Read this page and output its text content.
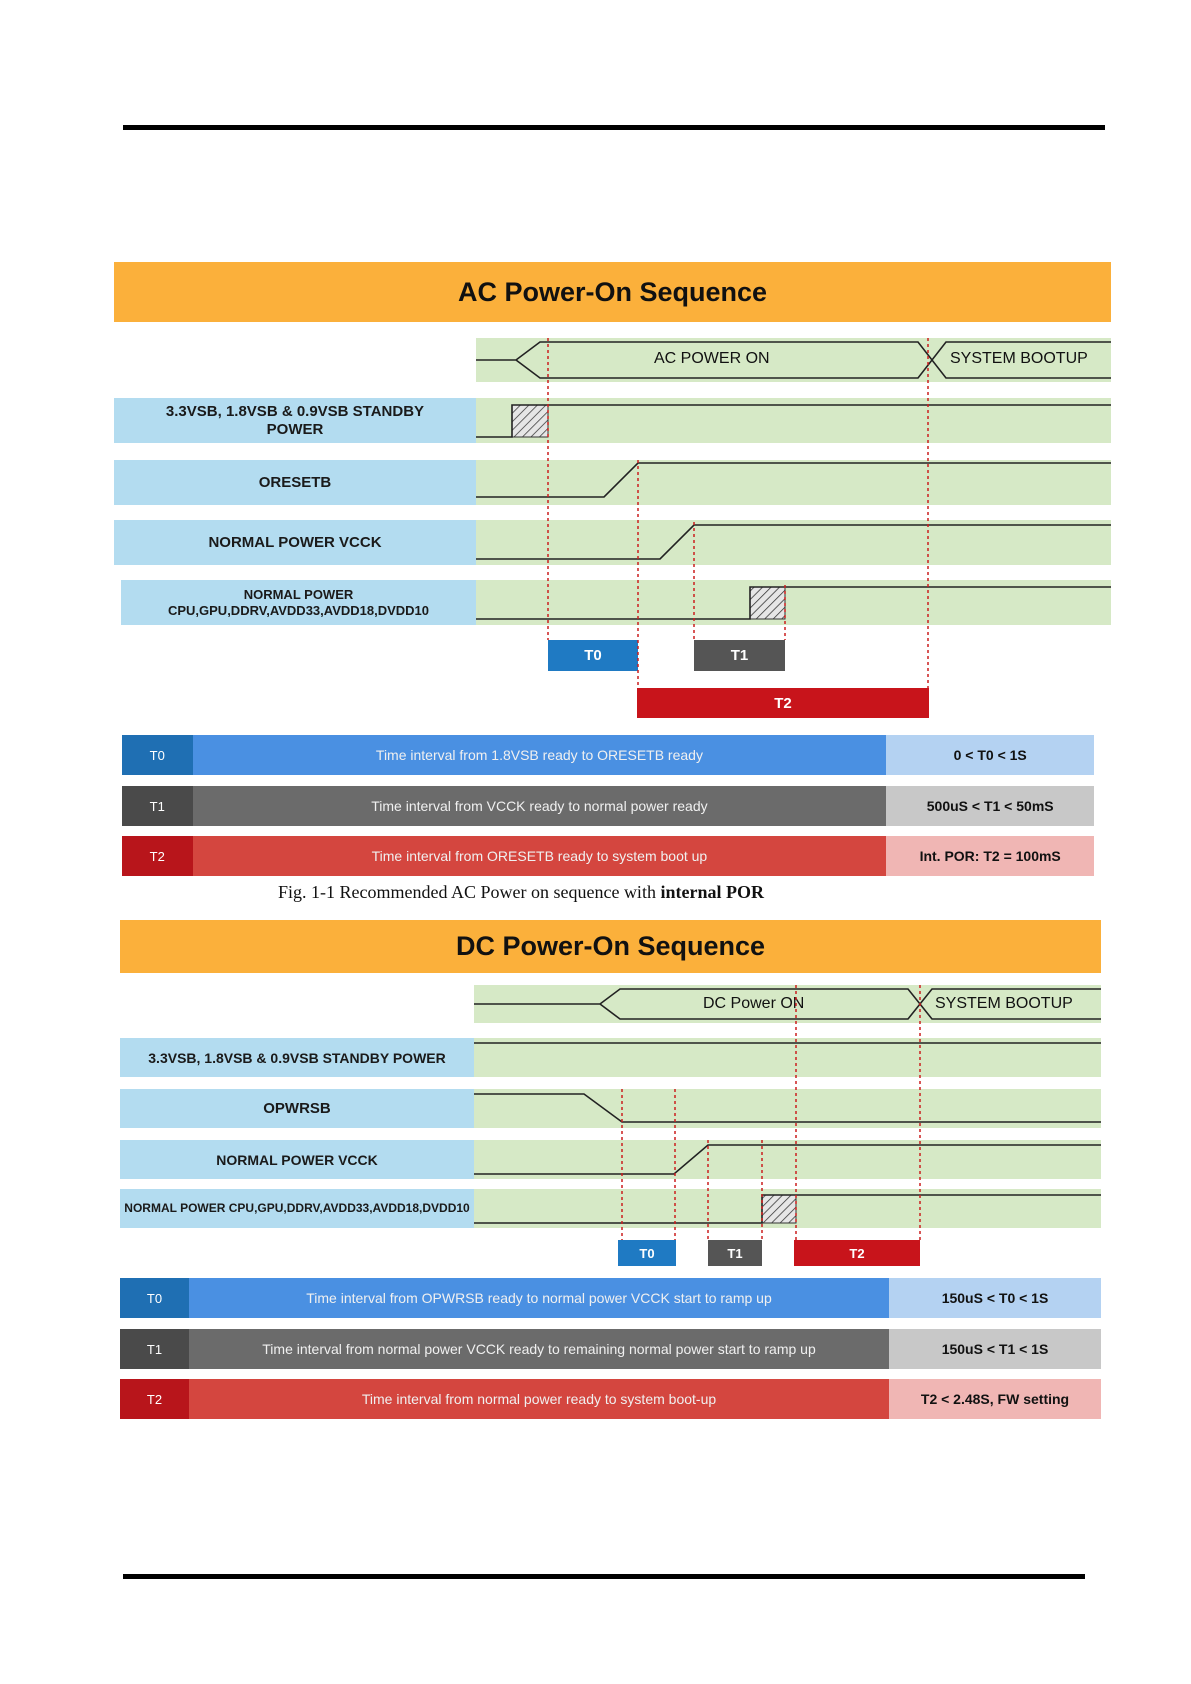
AC Power-On Sequence
AC POWER ON	SYSTEM BOOTUP
3.3VSB, 1.8VSB & 0.9VSB STANDBY POWER
ORESETB
NORMAL POWER VCCK
NORMAL POWER CPU,GPU,DDRV,AVDD33,AVDD18,DVDD10
T0	T1
T2
T0	Time interval from 1.8VSB ready to ORESETB ready	0 < T0 < 1S
T1	Time interval from VCCK ready to normal power ready	500uS < T1 < 50mS
T2	Time interval from ORESETB ready to system boot up	Int. POR: T2 = 100mS
Fig. 1-1 Recommended AC Power on sequence with internal POR
DC Power-On Sequence
DC Power ON	SYSTEM BOOTUP
3.3VSB, 1.8VSB & 0.9VSB STANDBY POWER
OPWRSB
NORMAL POWER VCCK
NORMAL POWER CPU,GPU,DDRV,AVDD33,AVDD18,DVDD10
T0	T1	T2
T0	Time interval from OPWRSB ready to normal power VCCK start to ramp up	150uS < T0 < 1S
T1	Time interval from normal power VCCK ready to remaining normal power start to ramp up	150uS < T1 < 1S
T2	Time interval from normal power ready to system boot-up	T2 < 2.48S, FW setting
